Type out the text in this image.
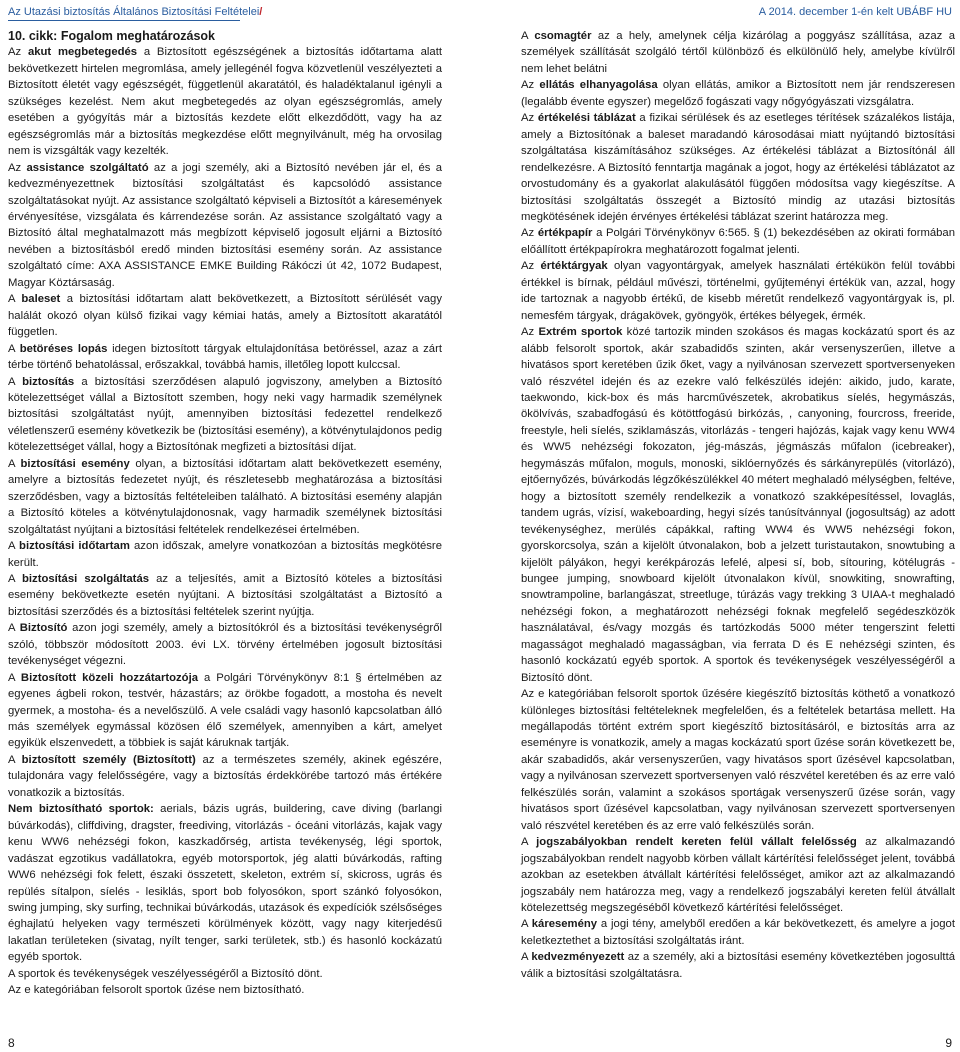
Az Utazási biztosítás Általános Biztosítási Feltételei/	A 2014. december 1-én kelt UBÁBF HU

10. cikk: Fogalom meghatározások

Az akut megbetegedés a Biztosított egészségének a biztosítás időtartama alatt bekövetkezett hirtelen megromlása, amely jellegénél fogva közvetlenül veszélyezteti a Biztosított életét vagy egészségét, függetlenül akaratától, és haladéktalanul igényli a szükséges kezelést. Nem akut megbetegedés az olyan egészségromlás, amely esetében a gyógyítás már a biztosítás kezdete előtt elkezdődött, vagy ha az egészségromlás már a biztosítás megkezdése előtt megnyilvánult, még ha orvosilag nem is vizsgálták vagy kezelték.

Az assistance szolgáltató az a jogi személy, aki a Biztosító nevében jár el, és a kedvezményezettnek biztosítási szolgáltatást és kapcsolódó assistance szolgáltatásokat nyújt. Az assistance szolgáltató képviseli a Biztosítót a káresemények érvényesítése, vizsgálata és kárrendezése során. Az assistance szolgáltató vagy a Biztosító által meghatalmazott más megbízott képviselő jogosult eljárni a Biztosító nevében a biztosításból eredő minden biztosítási esemény során. Az assistance szolgáltató címe: AXA ASSISTANCE EMKE Building Rákóczi út 42, 1072 Budapest, Magyar Köztársaság.

A baleset a biztosítási időtartam alatt bekövetkezett, a Biztosított sérülését vagy halálát okozó olyan külső fizikai vagy kémiai hatás, amely a Biztosított akaratától független.

A betöréses lopás idegen biztosított tárgyak eltulajdonítása betöréssel, azaz a zárt térbe történő behatolással, erőszakkal, továbbá hamis, illetőleg lopott kulccsal.

A biztosítás a biztosítási szerződésen alapuló jogviszony, amelyben a Biztosító kötelezettséget vállal a Biztosított szemben, hogy neki vagy harmadik személynek biztosítási szolgáltatást nyújt, amennyiben biztosítási fedezettel rendelkező véletlenszerű esemény következik be (biztosítási esemény), a kötvénytulajdonos pedig kötelezettséget vállal, hogy a Biztosítónak megfizeti a biztosítási díjat.

A biztosítási esemény olyan, a biztosítási időtartam alatt bekövetkezett esemény, amelyre a biztosítás fedezetet nyújt, és részletesebb meghatározása a biztosítási szerződésben, vagy a biztosítás feltételeiben található. A biztosítási esemény alapján a Biztosító köteles a kötvénytulajdonosnak, vagy harmadik személynek biztosítási szolgáltatást nyújtani a biztosítási feltételek rendelkezései értelmében.

A biztosítási időtartam azon időszak, amelyre vonatkozóan a biztosítás megkötésre került.

A biztosítási szolgáltatás az a teljesítés, amit a Biztosító köteles a biztosítási esemény bekövetkezte esetén nyújtani. A biztosítási szolgáltatást a Biztosító a biztosítási szerződés és a biztosítási feltételek szerint nyújtja.

A Biztosító azon jogi személy, amely a biztosítókról és a biztosítási tevékenységről szóló, többször módosított 2003. évi LX. törvény értelmében jogosult biztosítási tevékenységet végezni.

A Biztosított közeli hozzátartozója a Polgári Törvénykönyv 8:1 § értelmében az egyenes ágbeli rokon, testvér, házastárs; az örökbe fogadott, a mostoha és nevelt gyermek, a mostoha- és a nevelőszülő. A vele családi vagy hasonló kapcsolatban álló más személyek egymással közösen élő személyek, amennyiben a kárt, amelyet egyikük elszenvedett, a többiek is saját káruknak tartják.

A biztosított személy (Biztosított) az a természetes személy, akinek egészére, tulajdonára vagy felelősségére, vagy a biztosítás érdekkörébe tartozó más értékére vonatkozik a biztosítás.

Nem biztosítható sportok: aerials, bázis ugrás, buildering, cave diving (barlangi búvárkodás), cliffdiving, dragster, freediving, vitorlázás - óceáni vitorlázás, kajak vagy kenu WW6 nehézségi fokon, kaszkadőrség, artista tevékenység, légi sportok, vadászat egzotikus vadállatokra, egyéb motorsportok, jég alatti búvárkodás, rafting WW6 nehézségi fok felett, északi összetett, skeleton, extrém sí, skicross, ugrás és repülés sítalpon, síelés - lesiklás, sport bob folyosókon, sport szánkó folyosókon, swing jumping, sky surfing, technikai búvárkodás, utazások és expedíciók szélsőséges éghajlatú helyeken vagy természeti körülmények között, vagy nagy kiterjedésű lakatlan területeken (sivatag, nyílt tenger, sarki területek, stb.) és hasonló kockázatú egyéb sportok.

A sportok és tevékenységek veszélyességéről a Biztosító dönt.

Az e kategóriában felsorolt sportok űzése nem biztosítható.

A csomagtér az a hely, amelynek célja kizárólag a poggyász szállítása, azaz a személyek szállítását szolgáló tértől különböző és elkülönülő hely, amelybe kívülről nem lehet belátni

Az ellátás elhanyagolása olyan ellátás, amikor a Biztosított nem jár rendszeresen (legalább évente egyszer) megelőző fogászati vagy nőgyógyászati vizsgálatra.

Az értékelési táblázat a fizikai sérülések és az esetleges térítések százalékos listája, amely a Biztosítónak a baleset maradandó károsodásai miatt nyújtandó biztosítási szolgáltatása kiszámításához szükséges. Az értékelési táblázat a Biztosítónál áll rendelkezésre. A Biztosító fenntartja magának a jogot, hogy az értékelési táblázatot az orvostudomány és a gyakorlat alakulásától függően módosítsa vagy kiegészítse. A biztosítási szolgáltatás összegét a Biztosító mindig az utazási biztosítás megkötésének idején érvényes értékelési táblázat szerint határozza meg.

Az értékpapír a Polgári Törvénykönyv 6:565. § (1) bekezdésében az okirati formában előállított értékpapírokra meghatározott fogalmat jelenti.

Az értéktárgyak olyan vagyontárgyak, amelyek használati értékükön felül további értékkel is bírnak, például művészi, történelmi, gyűjteményi értékük van, azzal, hogy ide tartoznak a nagyobb értékű, de kisebb méretűt rendelkező vagyontárgyak is, pl. nemesfém tárgyak, drágakövek, gyöngyök, értékes bélyegek, érmék.

Az Extrém sportok közé tartozik minden szokásos és magas kockázatú sport és az alább felsorolt sportok, akár szabadidős szinten, akár versenyszerűen, illetve a hivatásos sport keretében űzik őket, vagy a nyilvánosan szervezett sportversenyeken való részvétel idején és az ezekre való felkészülés idején: aikido, judo, karate, taekwondo, kick-box és más harcművészetek, akrobatikus síelés, hegymászás, ökölvívás, szabadfogású és kötöttfogású birkózás, , canyoning, fourcross, freeride, freestyle, heli síelés, sziklamászás, vitorlázás - tengeri hajózás, kajak vagy kenu WW4 és WW5 nehézségi fokozaton, jég-mászás, jégmászás műfalon (icebreaker), hegymászás műfalon, moguls, monoski, siklóernyőzés és sárkányrepülés (vitorlázó), ejtőernyőzés, búvárkodás légzőkészülékkel 40 métert meghaladó mélységben, feltéve, hogy a biztosított személy rendelkezik a vonatkozó szakképesítéssel, lovaglás, tandem ugrás, vízisí, wakeboarding, hegyi sízés tanúsítvánnyal (jogosultság) az adott tevékenységhez, merülés cápákkal, rafting WW4 és WW5 nehézségi fokon, gyorskorcsolya, szán a kijelölt útvonalakon, bob a jelzett turistautakon, snowtubing a kijelölt pályákon, hegyi kerékpározás lefelé, alpesi sí, bob, sítouring, kötélugrás - bungee jumping, snowboard kijelölt útvonalakon kívül, snowkiting, snowrafting, snowtrampoline, barlangászat, streetluge, túrázás vagy trekking 3 UIAA-t meghaladó nehézségi fokon, a meghatározott nehézségi foknak megfelelő segédeszközök használatával, és/vagy mozgás és tartózkodás 5000 méter tengerszint feletti magasságot meghaladó magasságban, via ferrata D és E nehézségi szinten, és hasonló kockázatú egyéb sportok. A sportok és tevékenységek veszélyességéről a Biztosító dönt.

Az e kategóriában felsorolt sportok űzésére kiegészítő biztosítás köthető a vonatkozó különleges biztosítási feltételeknek megfelelően, és a feltételek betartása mellett. Ha megállapodás történt extrém sport kiegészítő biztosításáról, e biztosítás arra az eseményre is vonatkozik, amely a magas kockázatú sport űzése során következett be, akár szabadidős, akár versenyszerűen, vagy hivatásos sport űzésével kapcsolatban, vagy a nyilvánosan szervezett sportversenyen való részvétel keretében és az erre való felkészülés során, valamint a szokásos sportágak versenyszerű űzése során, vagy hivatásos sport űzésével kapcsolatban, vagy nyilvánosan szervezett sportversenyen való részvétel keretében és az erre való felkészülés során.

A jogszabályokban rendelt kereten felül vállalt felelősség az alkalmazandó jogszabályokban rendelt nagyobb körben vállalt kártérítési felelősséget jelent, továbbá azokban az esetekben átvállalt kártérítési felelősséget, amikor azt az alkalmazandó jogszabály nem határozza meg, vagy a rendelkező jogszabályi kereten felül átvállalt kötelezettség megszegéséből következő kártérítési felelősséget.

A káresemény a jogi tény, amelyből eredően a kár bekövetkezett, és amelyre a jogot keletkeztethet a biztosítási szolgáltatás iránt.

A kedvezményezett az a személy, aki a biztosítási esemény következtében jogosulttá válik a biztosítási szolgáltatásra.

8	9
